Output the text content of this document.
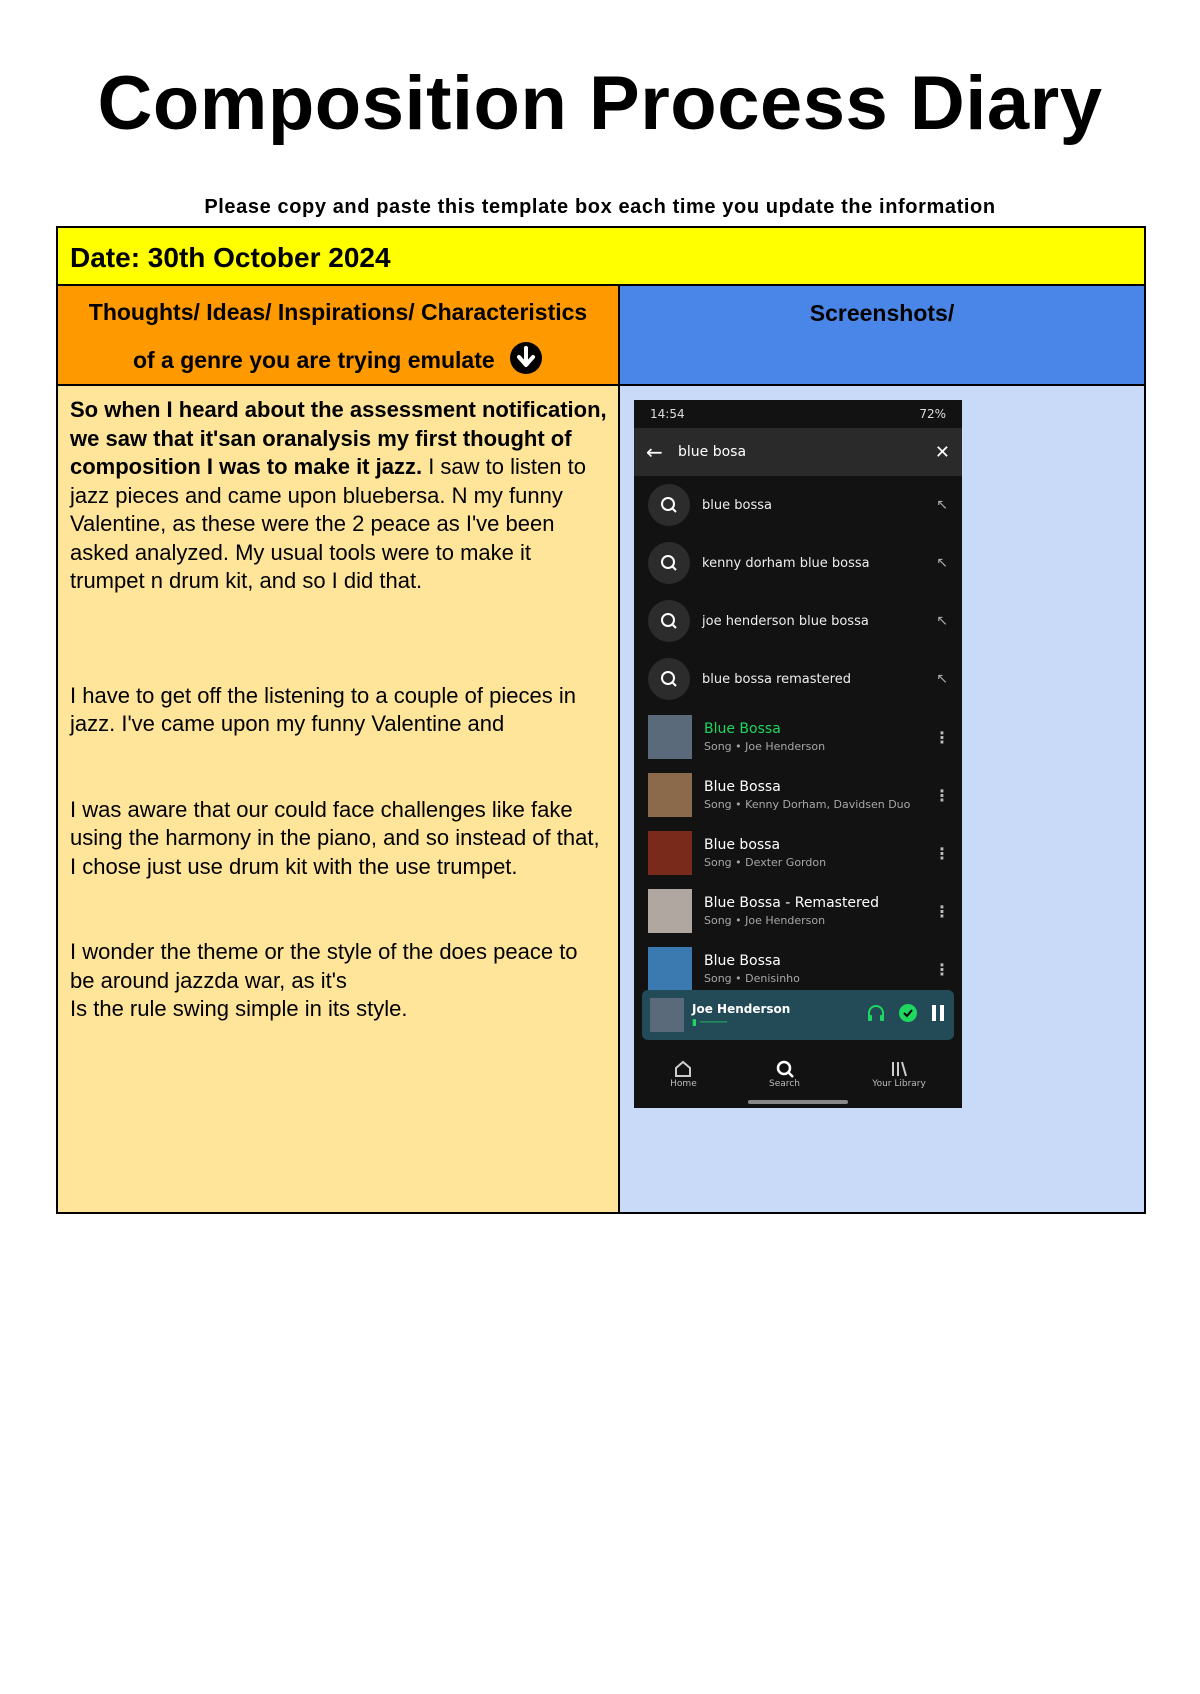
Composition Process Diary
Please copy and paste this template box each time you update the information
Date: 30th October 2024
Thoughts/ Ideas/ Inspirations/ Characteristics
of a genre you are trying emulate
Screenshots/

So when I heard about the assessment notification, we saw that it'san oranalysis my first thought of composition I was to make it jazz. I saw to listen to jazz pieces and came upon bluebersa. N my funny Valentine, as these were the 2 peace as I've been asked analyzed. My usual tools were to make it trumpet n drum kit, and so I did that.

I have to get off the listening to a couple of pieces in jazz. I've came upon my funny Valentine and

I was aware that our could face challenges like fake using the harmony in the piano, and so instead of that, I chose just use drum kit with the use trumpet.

I wonder the theme or the style of the does peace to be around jazzda war, as it's
Is the rule swing simple in its style.

14:54	72%
←	blue bosa	✕
blue bossa	↖
kenny dorham blue bossa	↖
joe henderson blue bossa	↖
blue bossa remastered	↖
Blue Bossa
Song • Joe Henderson	⋮
Blue Bossa
Song • Kenny Dorham, Davidsen Duo	⋮
Blue bossa
Song • Dexter Gordon	⋮
Blue Bossa - Remastered
Song • Joe Henderson	⋮
Blue Bossa
Song • Denisinho	⋮
Joe Henderson
▮ ─────
Home	Search	Your Library
